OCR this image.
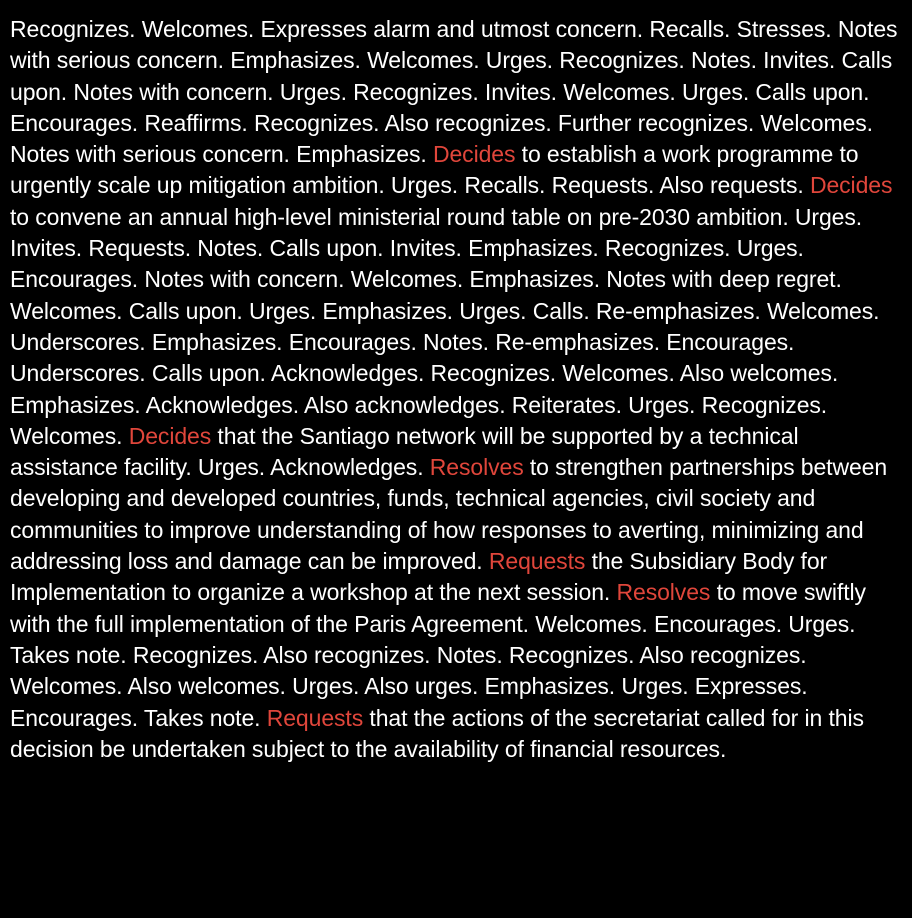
Recognizes. Welcomes. Expresses alarm and utmost concern. Recalls. Stresses. Notes with serious concern. Emphasizes. Welcomes. Urges. Recognizes. Notes. Invites. Calls upon. Notes with concern. Urges. Recognizes. Invites. Welcomes. Urges. Calls upon. Encourages. Reaffirms. Recognizes. Also recognizes. Further recognizes. Welcomes. Notes with serious concern. Emphasizes. Decides to establish a work programme to urgently scale up mitigation ambition. Urges. Recalls. Requests. Also requests. Decides to convene an annual high-level ministerial round table on pre-2030 ambition. Urges. Invites. Requests. Notes. Calls upon. Invites. Emphasizes. Recognizes. Urges. Encourages. Notes with concern. Welcomes. Emphasizes. Notes with deep regret. Welcomes. Calls upon. Urges. Emphasizes. Urges. Calls. Re-emphasizes. Welcomes. Underscores. Emphasizes. Encourages. Notes. Re-emphasizes. Encourages. Underscores. Calls upon. Acknowledges. Recognizes. Welcomes. Also welcomes. Emphasizes. Acknowledges. Also acknowledges. Reiterates. Urges. Recognizes. Welcomes. Decides that the Santiago network will be supported by a technical assistance facility. Urges. Acknowledges. Resolves to strengthen partnerships between developing and developed countries, funds, technical agencies, civil society and communities to improve understanding of how responses to averting, minimizing and addressing loss and damage can be improved. Requests the Subsidiary Body for Implementation to organize a workshop at the next session. Resolves to move swiftly with the full implementation of the Paris Agreement. Welcomes. Encourages. Urges. Takes note. Recognizes. Also recognizes. Notes. Recognizes. Also recognizes. Welcomes. Also welcomes. Urges. Also urges. Emphasizes. Urges. Expresses. Encourages. Takes note. Requests that the actions of the secretariat called for in this decision be undertaken subject to the availability of financial resources.
